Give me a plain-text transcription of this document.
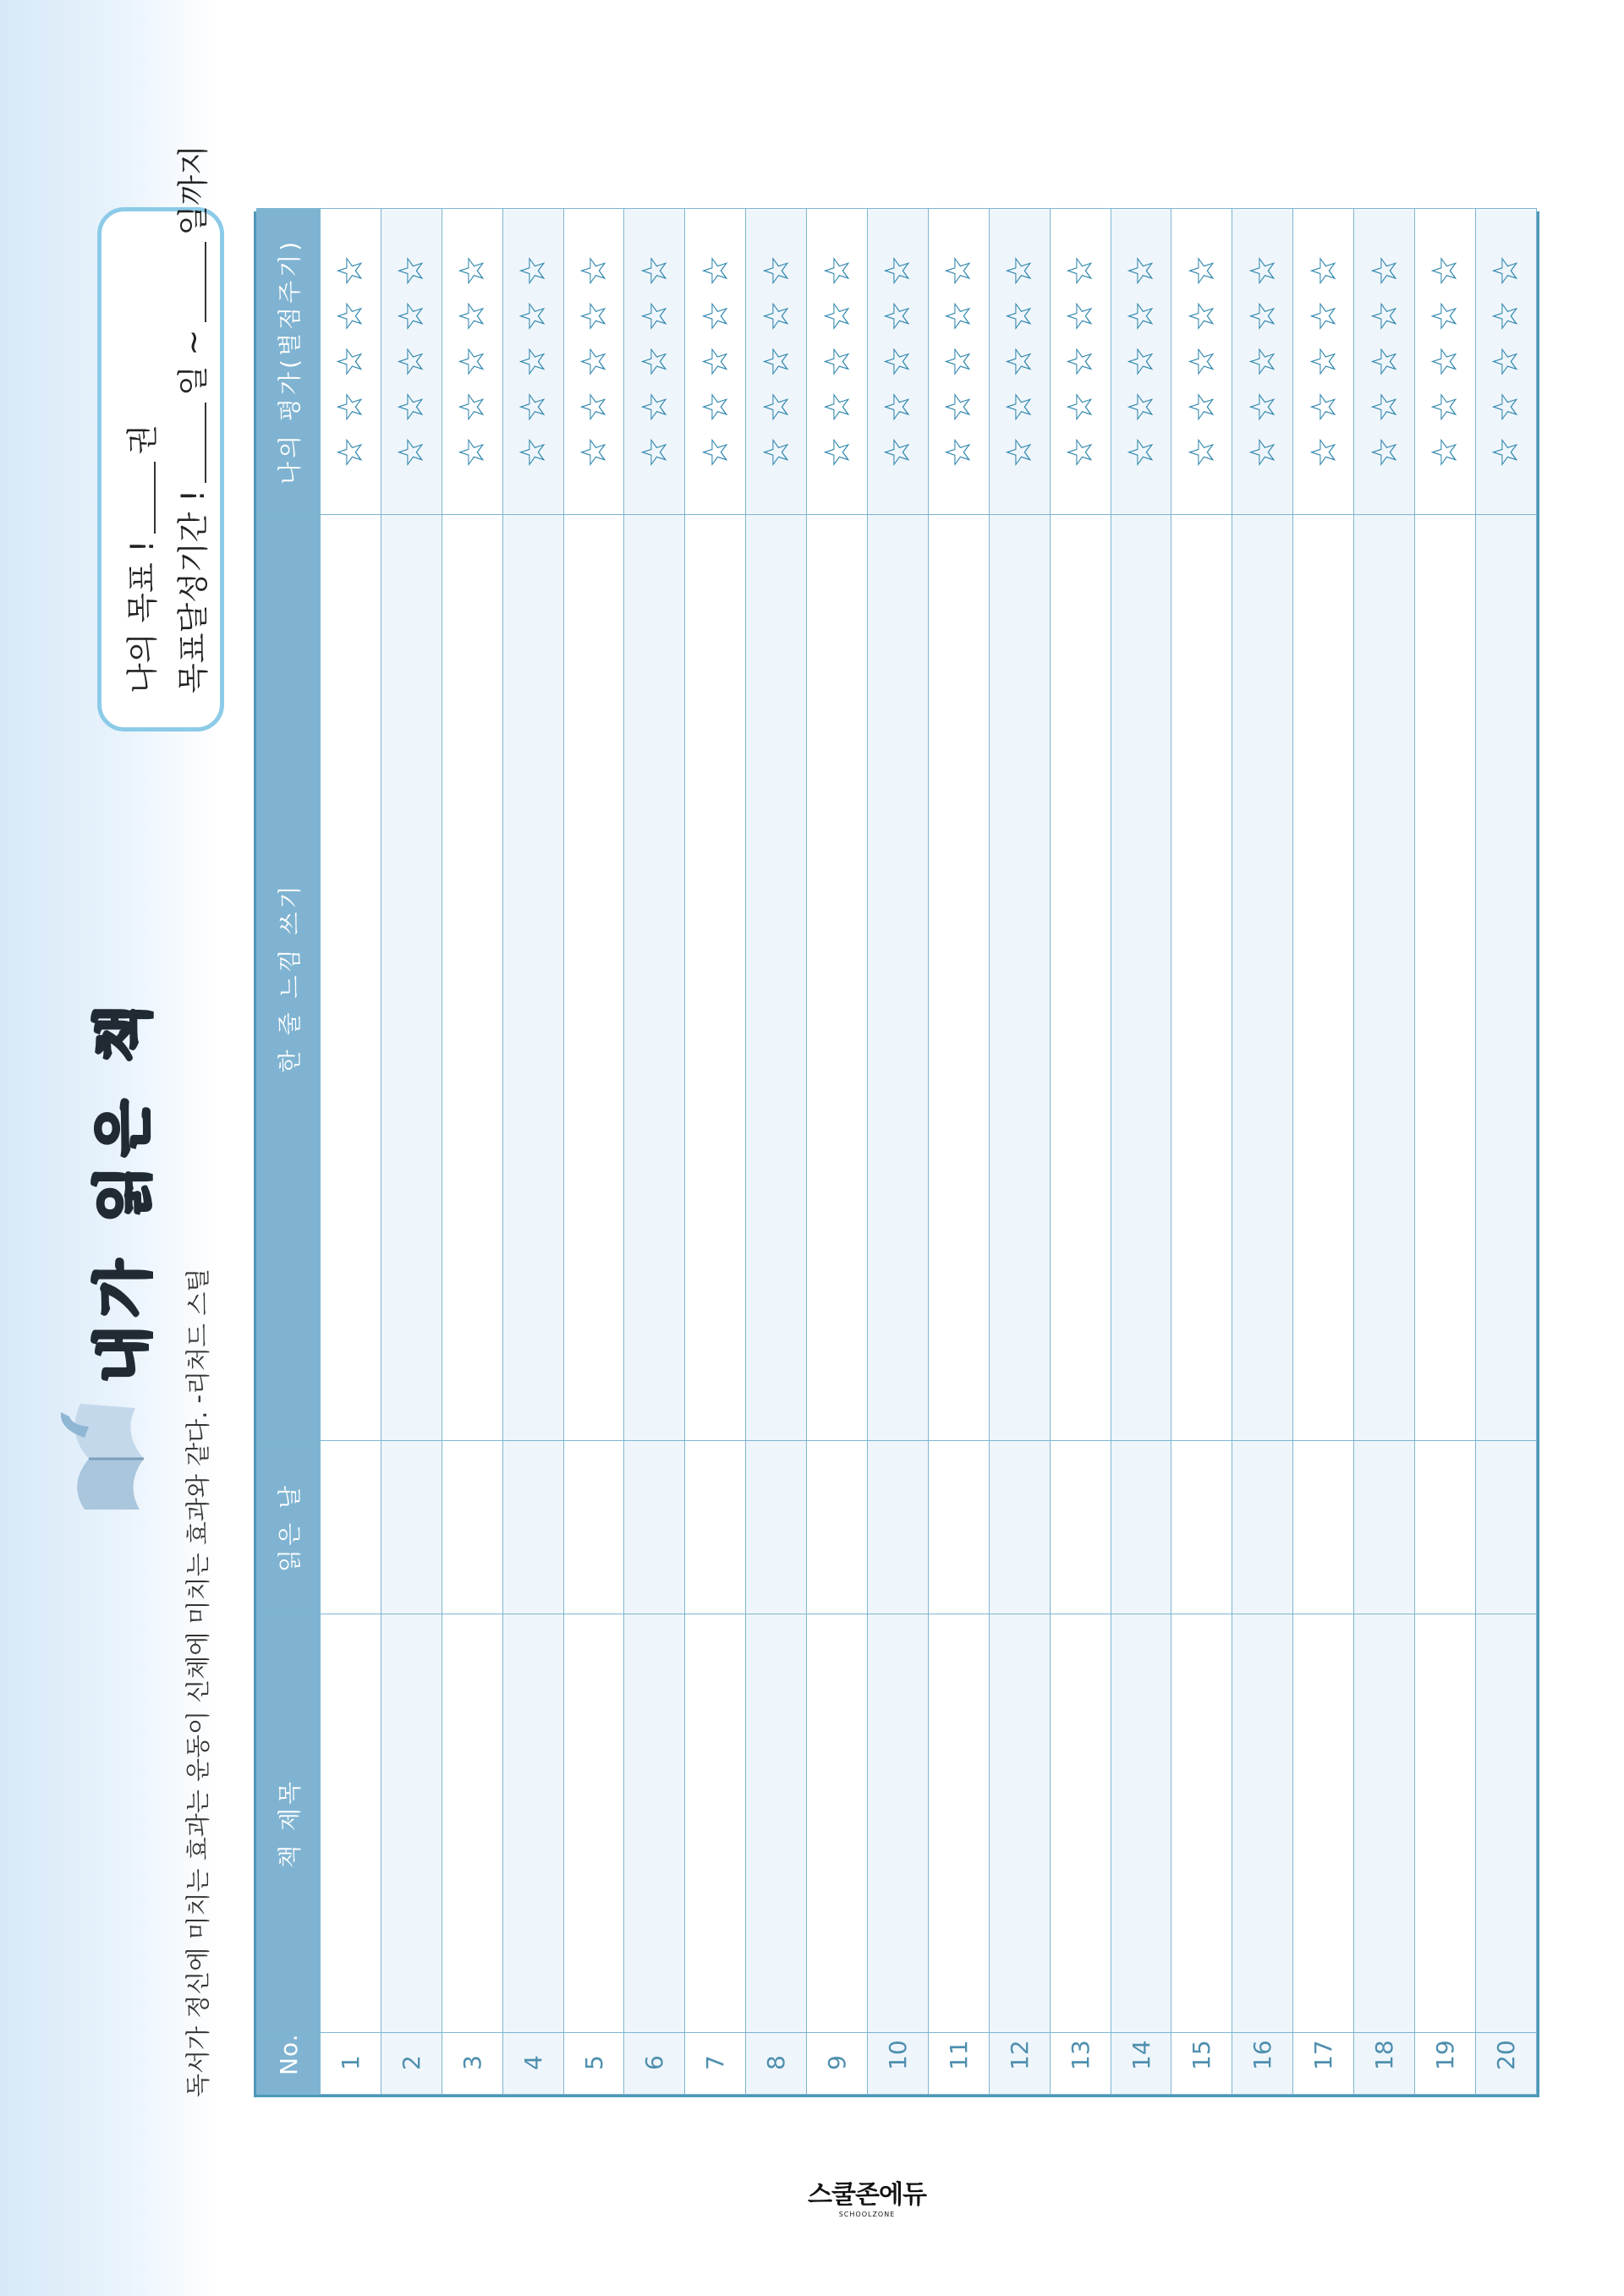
내가 읽은 책
독서가 정신에 미치는 효과는 운동이 신체에 미치는 효과와 같다. -리처드 스틸
나의 목표 !
권
목표달성기간 !
일 ~
일까지
No.	책 제목	읽은 날	한 줄 느낌 쓰기	나의 평가(별점주기)
1				☆☆☆☆☆
2				☆☆☆☆☆
3				☆☆☆☆☆
4				☆☆☆☆☆
5				☆☆☆☆☆
6				☆☆☆☆☆
7				☆☆☆☆☆
8				☆☆☆☆☆
9				☆☆☆☆☆
10				☆☆☆☆☆
11				☆☆☆☆☆
12				☆☆☆☆☆
13				☆☆☆☆☆
14				☆☆☆☆☆
15				☆☆☆☆☆
16				☆☆☆☆☆
17				☆☆☆☆☆
18				☆☆☆☆☆
19				☆☆☆☆☆
20				☆☆☆☆☆
스쿨존에듀
SCHOOLZONE
